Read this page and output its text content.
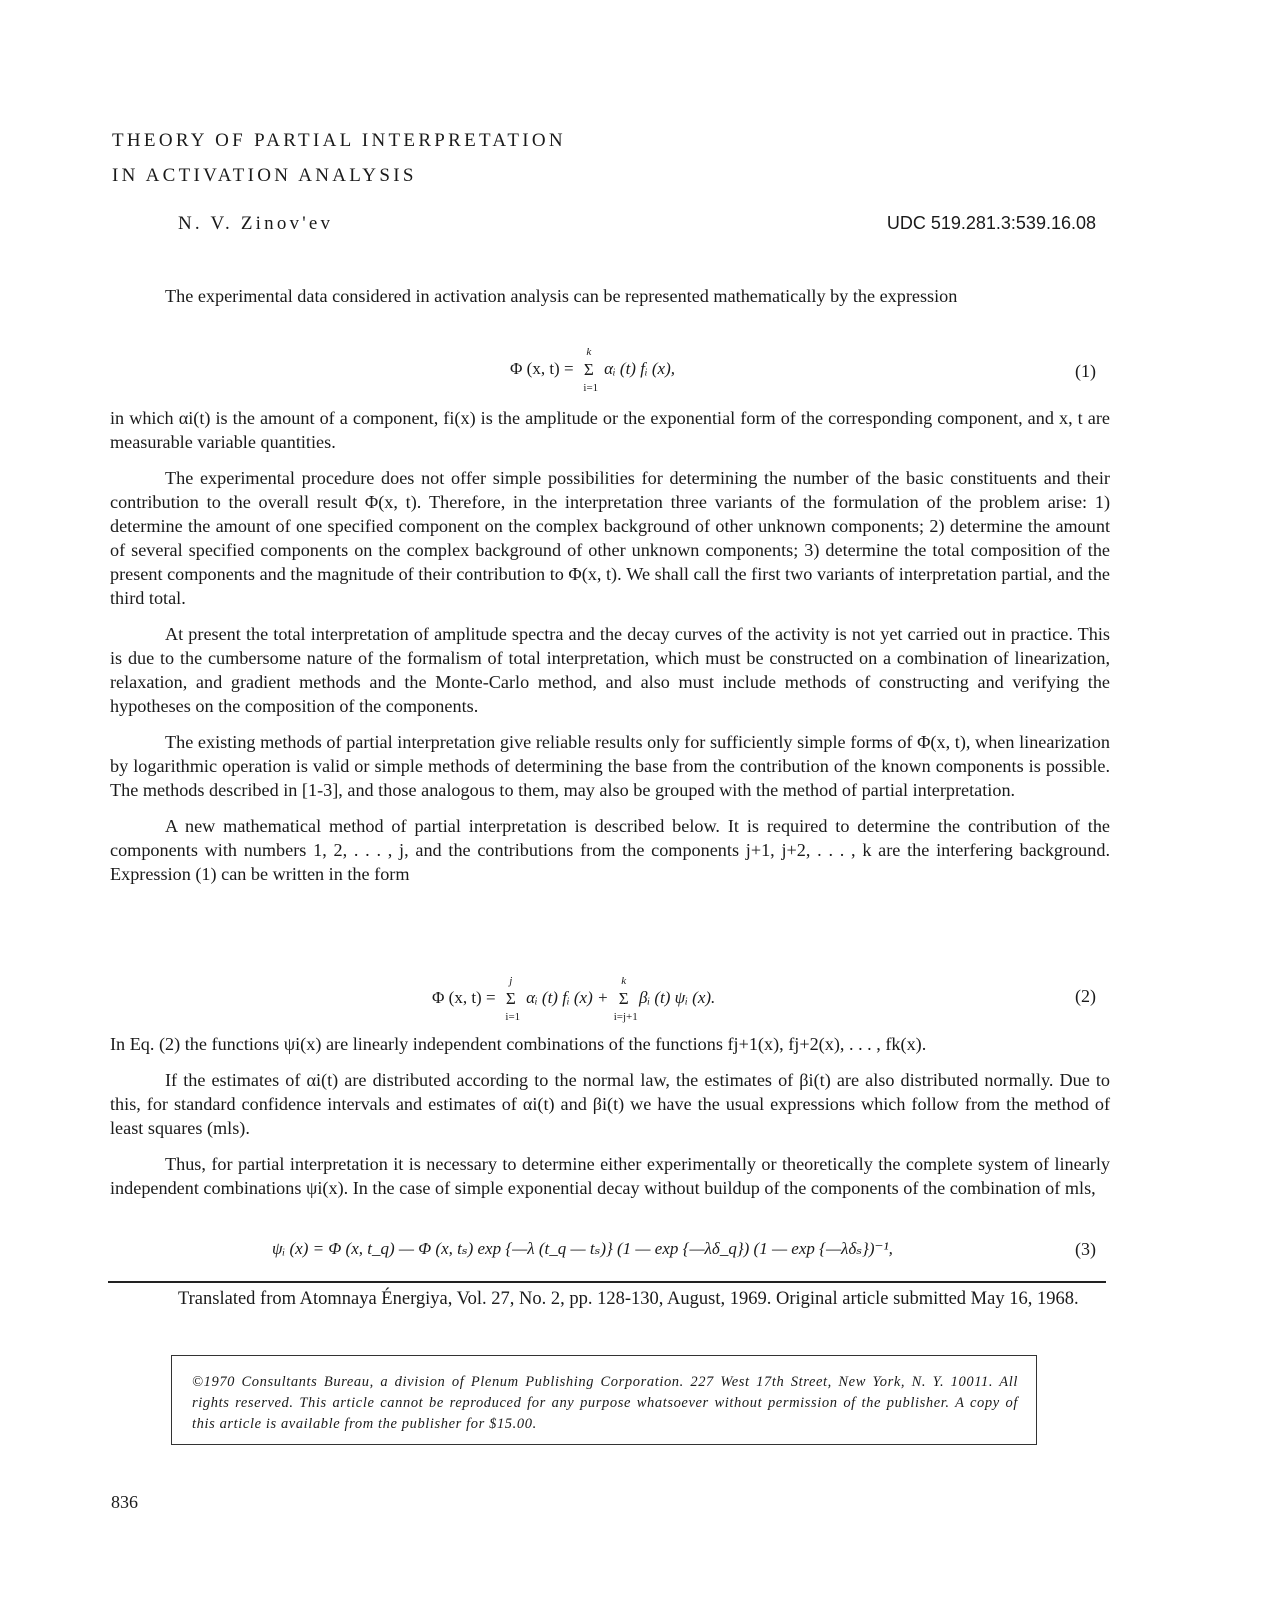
THEORY OF PARTIAL INTERPRETATION
IN ACTIVATION ANALYSIS
N. V. Zinov'ev	UDC 519.281.3:539.16.08

The experimental data considered in activation analysis can be represented mathematically by the expression

Φ (x, t) = Σ
k
i=1
αᵢ (t) fᵢ (x),	(1)

in which αi(t) is the amount of a component, fi(x) is the amplitude or the exponential form of the corresponding component, and x, t are measurable variable quantities.

The experimental procedure does not offer simple possibilities for determining the number of the basic constituents and their contribution to the overall result Φ(x, t). Therefore, in the interpretation three variants of the formulation of the problem arise: 1) determine the amount of one specified component on the complex background of other unknown components; 2) determine the amount of several specified components on the complex background of other unknown components; 3) determine the total composition of the present components and the magnitude of their contribution to Φ(x, t). We shall call the first two variants of interpretation partial, and the third total.

At present the total interpretation of amplitude spectra and the decay curves of the activity is not yet carried out in practice. This is due to the cumbersome nature of the formalism of total interpretation, which must be constructed on a combination of linearization, relaxation, and gradient methods and the Monte-Carlo method, and also must include methods of constructing and verifying the hypotheses on the composition of the components.

The existing methods of partial interpretation give reliable results only for sufficiently simple forms of Φ(x, t), when linearization by logarithmic operation is valid or simple methods of determining the base from the contribution of the known components is possible. The methods described in [1-3], and those analogous to them, may also be grouped with the method of partial interpretation.

A new mathematical method of partial interpretation is described below. It is required to determine the contribution of the components with numbers 1, 2, . . . , j, and the contributions from the components j+1, j+2, . . . , k are the interfering background. Expression (1) can be written in the form

Φ (x, t) = Σ
j
i=1
αᵢ (t) fᵢ (x) + Σ
k
i=j+1
βᵢ (t) ψᵢ (x).	(2)

In Eq. (2) the functions ψi(x) are linearly independent combinations of the functions fj+1(x), fj+2(x), . . . , fk(x).

If the estimates of αi(t) are distributed according to the normal law, the estimates of βi(t) are also distributed normally. Due to this, for standard confidence intervals and estimates of αi(t) and βi(t) we have the usual expressions which follow from the method of least squares (mls).

Thus, for partial interpretation it is necessary to determine either experimentally or theoretically the complete system of linearly independent combinations ψi(x). In the case of simple exponential decay without buildup of the components of the combination of mls,

ψᵢ (x) = Φ (x, t_q) — Φ (x, tₛ) exp {—λ (t_q — tₛ)} (1 — exp {—λδ_q}) (1 — exp {—λδₛ})⁻¹,	(3)
Translated from Atomnaya Énergiya, Vol. 27, No. 2, pp. 128-130, August, 1969. Original article submitted May 16, 1968.
©1970 Consultants Bureau, a division of Plenum Publishing Corporation. 227 West 17th Street, New York, N. Y. 10011. All rights reserved. This article cannot be reproduced for any purpose whatsoever without permission of the publisher. A copy of this article is available from the publisher for $15.00.
836
